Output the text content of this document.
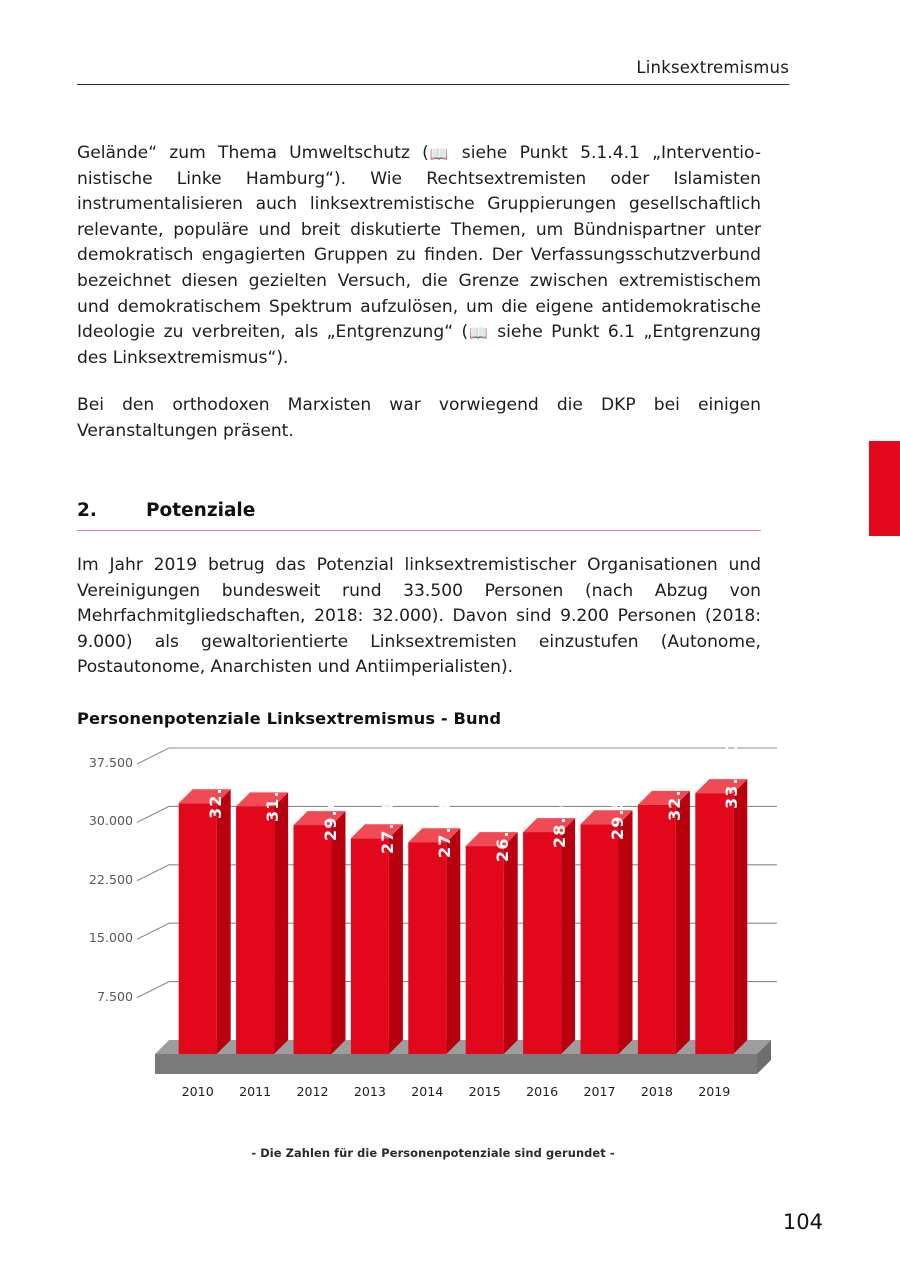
Linksextremismus

Gelände“ zum Thema Umweltschutz (📖 siehe Punkt 5.1.4.1 „Interventio-nistische Linke Hamburg“). Wie Rechtsextremisten oder Islamisten instrumentalisieren auch linksextremistische Gruppierungen gesellschaftlich relevante, populäre und breit diskutierte Themen, um Bündnispartner unter demokratisch engagierten Gruppen zu finden. Der Verfassungsschutzverbund bezeichnet diesen gezielten Versuch, die Grenze zwischen extremistischem und demokratischem Spektrum aufzulösen, um die eigene antidemokratische Ideologie zu verbreiten, als „Entgrenzung“ (📖 siehe Punkt 6.1 „Entgrenzung des Linksextremismus“).

Bei den orthodoxen Marxisten war vorwiegend die DKP bei einigen Veranstaltungen präsent.

2.	Potenziale

Im Jahr 2019 betrug das Potenzial linksextremistischer Organisationen und Vereinigungen bundesweit rund 33.500 Personen (nach Abzug von Mehrfachmitgliedschaften, 2018: 32.000). Davon sind 9.200 Personen (2018: 9.000) als gewaltorientierte Linksextremisten einzustufen (Autonome, Postautonome, Anarchisten und Antiimperialisten).

Personenpotenziale Linksextremismus - Bund
32.200 31.800 29.400 27.700 27.200 26.700 28.500 29.500 32.000 33.500
37.500
30.000
22.500
15.000
7.500
2010	2011	2012	2013	2014	2015	2016	2017	2018	2019
- Die Zahlen für die Personenpotenziale sind gerundet -
104
